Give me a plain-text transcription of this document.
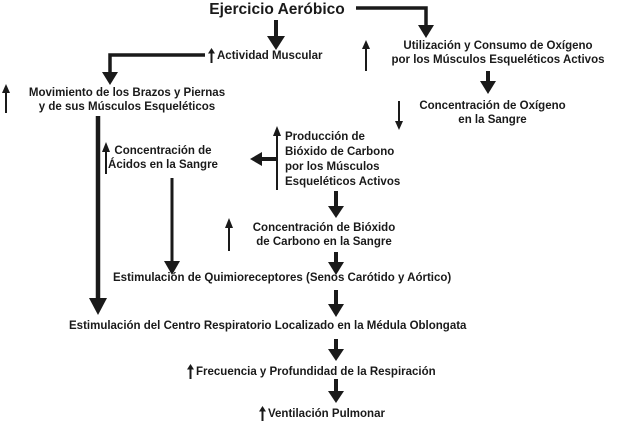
Ejercicio Aeróbico
Actividad Muscular
Utilización y Consumo de Oxígeno
por los Músculos Esqueléticos Activos
Concentración de Oxígeno
en la Sangre
Movimiento de los Brazos y Piernas
y de sus Músculos Esqueléticos
Concentración de
Ácidos en la Sangre
Producción de
Bióxido de Carbono
por los Músculos
Esqueléticos Activos
Concentración de Bióxido
de Carbono en la Sangre
Estimulación de Quimioreceptores (Senos Carótido y Aórtico)
Estimulación del Centro Respiratorio Localizado en la Médula Oblongata
Frecuencia y Profundidad de la Respiración
Ventilación Pulmonar
